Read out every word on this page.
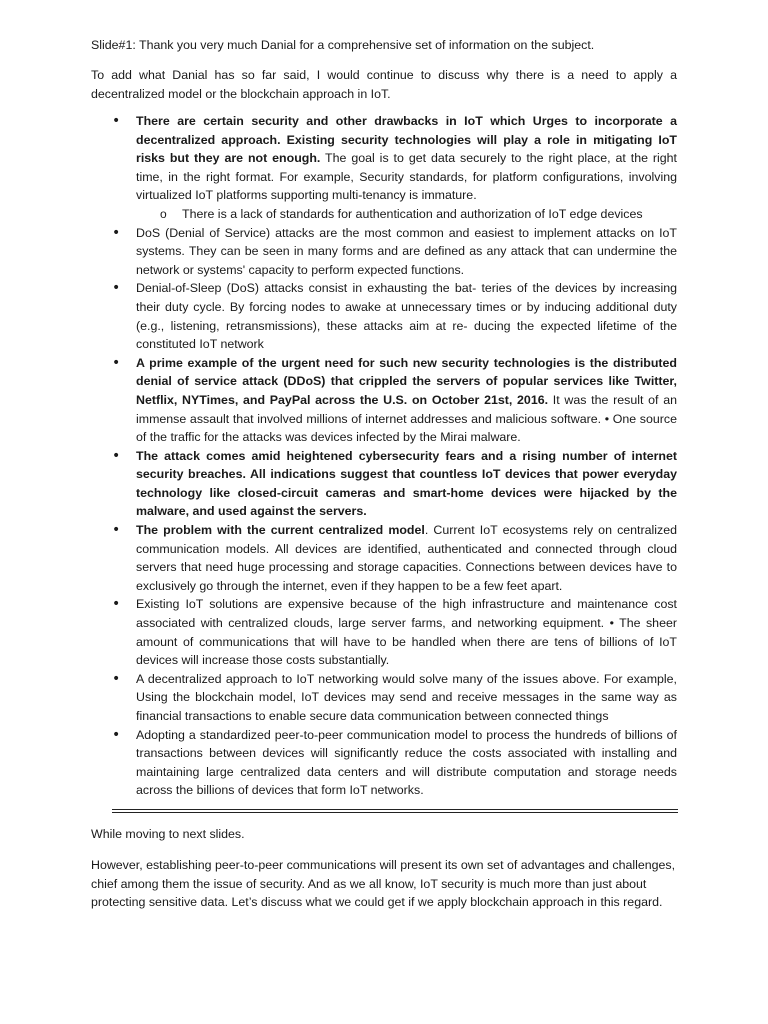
Slide#1: Thank you very much Danial for a comprehensive set of information on the subject.

To add what Danial has so far said, I would continue to discuss why there is a need to apply a decentralized model or the blockchain approach in IoT.

• There are certain security and other drawbacks in IoT which Urges to incorporate a decentralized approach. Existing security technologies will play a role in mitigating IoT risks but they are not enough. The goal is to get data securely to the right place, at the right time, in the right format. For example, Security standards, for platform configurations, involving virtualized IoT platforms supporting multi-tenancy is immature.
o There is a lack of standards for authentication and authorization of IoT edge devices
• DoS (Denial of Service) attacks are the most common and easiest to implement attacks on IoT systems. They can be seen in many forms and are defined as any attack that can undermine the network or systems' capacity to perform expected functions.
• Denial-of-Sleep (DoS) attacks consist in exhausting the bat- teries of the devices by increasing their duty cycle. By forcing nodes to awake at unnecessary times or by inducing additional duty (e.g., listening, retransmissions), these attacks aim at re- ducing the expected lifetime of the constituted IoT network
• A prime example of the urgent need for such new security technologies is the distributed denial of service attack (DDoS) that crippled the servers of popular services like Twitter, Netflix, NYTimes, and PayPal across the U.S. on October 21st, 2016. It was the result of an immense assault that involved millions of internet addresses and malicious software. • One source of the traffic for the attacks was devices infected by the Mirai malware.
• The attack comes amid heightened cybersecurity fears and a rising number of internet security breaches. All indications suggest that countless IoT devices that power everyday technology like closed-circuit cameras and smart-home devices were hijacked by the malware, and used against the servers.
• The problem with the current centralized model. Current IoT ecosystems rely on centralized communication models. All devices are identified, authenticated and connected through cloud servers that need huge processing and storage capacities. Connections between devices have to exclusively go through the internet, even if they happen to be a few feet apart.
• Existing IoT solutions are expensive because of the high infrastructure and maintenance cost associated with centralized clouds, large server farms, and networking equipment. • The sheer amount of communications that will have to be handled when there are tens of billions of IoT devices will increase those costs substantially.
• A decentralized approach to IoT networking would solve many of the issues above. For example, Using the blockchain model, IoT devices may send and receive messages in the same way as financial transactions to enable secure data communication between connected things
• Adopting a standardized peer-to-peer communication model to process the hundreds of billions of transactions between devices will significantly reduce the costs associated with installing and maintaining large centralized data centers and will distribute computation and storage needs across the billions of devices that form IoT networks.

While moving to next slides.

However, establishing peer-to-peer communications will present its own set of advantages and challenges, chief among them the issue of security. And as we all know, IoT security is much more than just about protecting sensitive data. Let’s discuss what we could get if we apply blockchain approach in this regard.
